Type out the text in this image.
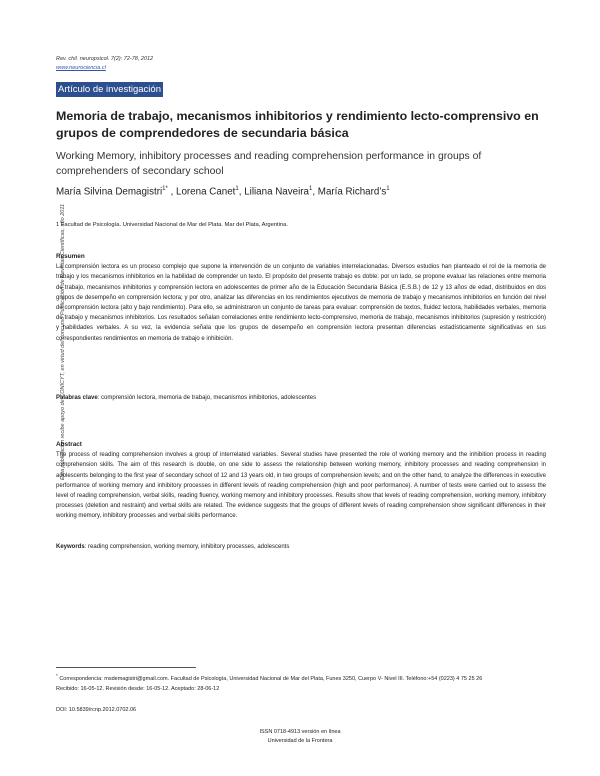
Esta publicación recibe apoyo de CONICYT, en virtud del concurso Publicación de Revistas Científicas, año 2011
Rev. chil. neuropsicol. 7(2): 72-78, 2012
www.neurociencia.cl
Artículo de investigación
Memoria de trabajo, mecanismos inhibitorios y rendimiento lecto-comprensivo en grupos de comprendedores de secundaria básica
Working Memory, inhibitory processes and reading comprehension performance in groups of comprehenders of secondary school
María Silvina Demagistri$^{1*}$ , Lorena Canet$^1$, Liliana Naveira$^1$, María $Richard’s^1$
1 Facultad de Psicología. Universidad Nacional de Mar del Plata. Mar del Plata, Argentina.
Resumen
La comprensión lectora es un proceso complejo que supone la intervención de un conjunto de variables interrelacionadas. Diversos estudios han planteado el rol de la memoria de trabajo y los mecanismos inhibitorios en la habilidad de comprender un texto. El propósito del presente trabajo es doble: por un lado, se propone evaluar las relaciones entre memoria de trabajo, mecanismos inhibitorios y comprensión lectora en adolescentes de primer año de la Educación Secundaria Básica (E.S.B.) de 12 y 13 años de edad, distribuidos en dos grupos de desempeño en comprensión lectora; y por otro, analizar las diferencias en los rendimientos ejecutivos de memoria de trabajo y mecanismos inhibitorios en función del nivel de comprensión lectora (alto y bajo rendimiento). Para ello, se administraron un conjunto de tareas para evaluar: comprensión de textos, fluidez lectora, habilidades verbales, memoria de trabajo y mecanismos inhibitorios. Los resultados señalan correlaciones entre rendimiento lecto-comprensivo, memoria de trabajo, mecanismos inhibitorios (supresión y restricción) y habilidades verbales. A su vez, la evidencia señala que los grupos de desempeño en comprensión lectora presentan diferencias estadísticamente significativas en sus correspondientes rendimientos en memoria de trabajo e inhibición.
Palabras clave: comprensión lectora, memoria de trabajo, mecanismos inhibitorios, adolescentes
Abstract
The process of reading comprehension involves a group of interrelated variables. Several studies have presented the role of working memory and the inhibition process in reading comprehension skills. The aim of this research is double, on one side to assess the relationship between working memory, inhibitory processes and reading comprehension in adolescents belonging to the first year of secondary school of 12 and 13 years old, in two groups of comprehension levels; and on the other hand, to analyze the differences in executive performance of working memory and inhibitory processes in different levels of reading comprehension (high and poor performance). A number of tests were carried out to assess the level of reading comprehension, verbal skills, reading fluency, working memory and inhibitory processes. Results show that levels of reading comprehension, working memory, inhibitory processes (deletion and restraint) and verbal skills are related. The evidence suggests that the groups of different levels of reading comprehension show significant differences in their working memory, inhibitory processes and verbal skills performance.
Keywords: reading comprehension, working memory, inhibitory processes, adolescents
* Correspondencia: msdemagistri@gmail.com. Facultad de Psicología, Universidad Nacional de Mar del Plata, Funes 3250, Cuerpo V- Nivel III. Teléfono:+54 (0223) 4 75 25 26
Recibido: 16-05-12. Revisión desde: 16-05-12. Aceptado: 28-06-12
DOI: 10.5839/rcnp.2012.0702.06
ISSN 0718-4913 versión en línea
Universidad de la Frontera
